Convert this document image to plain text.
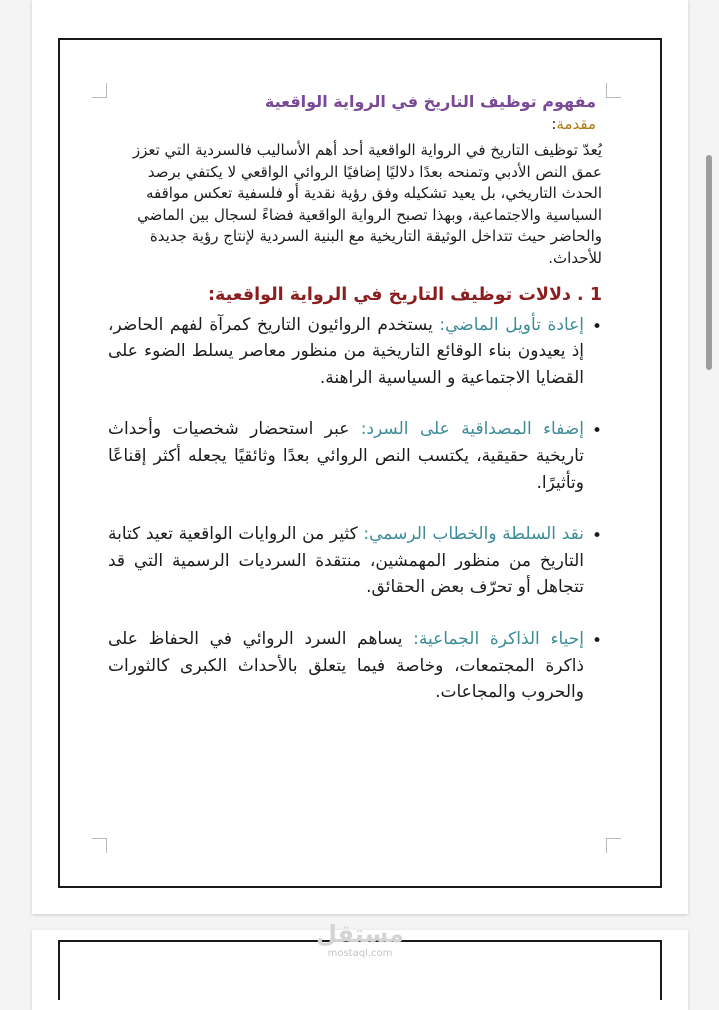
مفهوم توظيف التاريخ في الرواية الواقعية

مقدمة:

يُعدّ توظيف التاريخ في الرواية الواقعية أحد أهم الأساليب فالسردية التي تعزز عمق النص الأدبي وتمنحه بعدًا دلاليًا إضافيًا الروائي الواقعي لا يكتفي برصد الحدث التاريخي، بل يعيد تشكيله وفق رؤية نقدية أو فلسفية تعكس مواقفه السياسية والاجتماعية، وبهذا تصبح الرواية الواقعية فضاءً لسجال بين الماضي والحاضر حيث تتداخل الوثيقة التاريخية مع البنية السردية لإنتاج رؤية جديدة للأحداث.

1 . دلالات توظيف التاريخ في الرواية الواقعية:
•
إعادة تأويل الماضي: يستخدم الروائيون التاريخ كمرآة لفهم الحاضر، إذ يعيدون بناء الوقائع التاريخية من منظور معاصر يسلط الضوء على القضايا الاجتماعية و السياسية الراهنة.
•
إضفاء المصداقية على السرد: عبر استحضار شخصيات وأحداث تاريخية حقيقية، يكتسب النص الروائي بعدًا وثائقيًا يجعله أكثر إقناعًا وتأثيرًا.
•
نقد السلطة والخطاب الرسمي: كثير من الروايات الواقعية تعيد كتابة التاريخ من منظور المهمشين، منتقدة السرديات الرسمية التي قد تتجاهل أو تحرّف بعض الحقائق.
•
إحياء الذاكرة الجماعية: يساهم السرد الروائي في الحفاظ على ذاكرة المجتمعات، وخاصة فيما يتعلق بالأحداث الكبرى كالثورات والحروب والمجاعات.
مستقل
mostaql.com
